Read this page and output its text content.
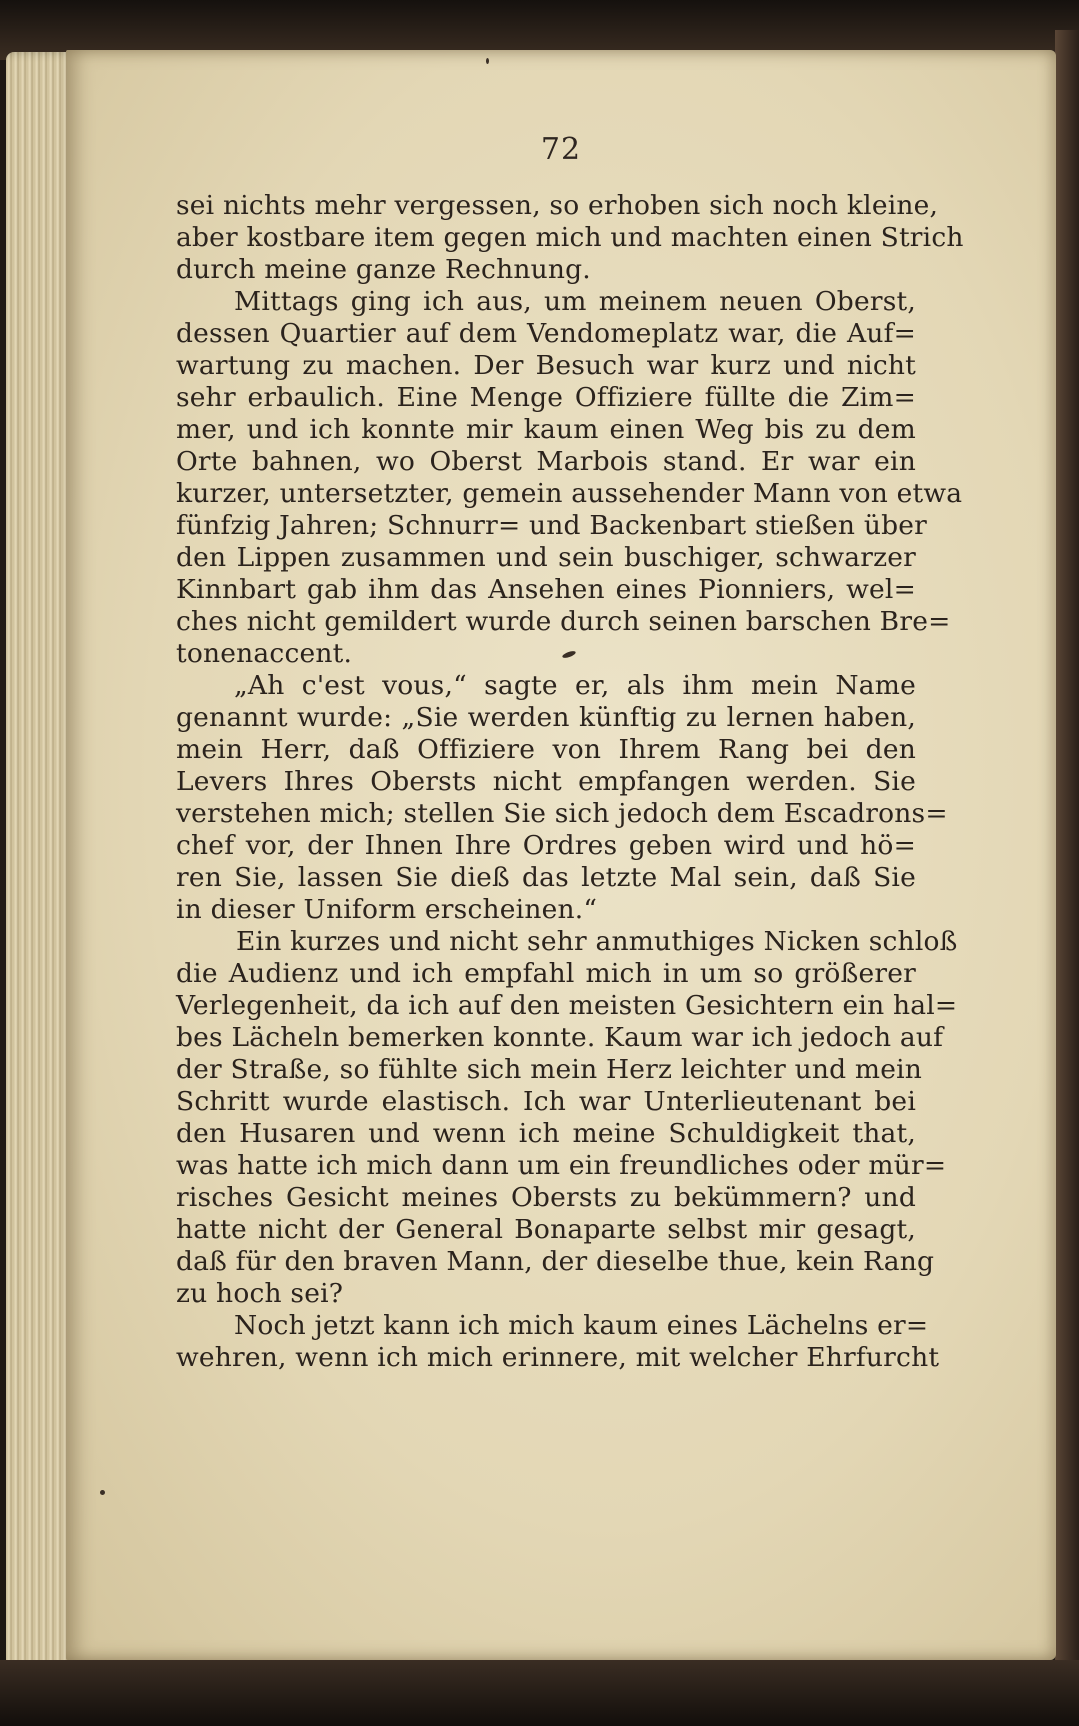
72
sei nichts mehr vergessen, so erhoben sich noch kleine,
aber kostbare item gegen mich und machten einen Strich
durch meine ganze Rechnung.
Mittags ging ich aus, um meinem neuen Oberst,
dessen Quartier auf dem Vendomeplatz war, die Auf=
wartung zu machen. Der Besuch war kurz und nicht
sehr erbaulich. Eine Menge Offiziere füllte die Zim=
mer, und ich konnte mir kaum einen Weg bis zu dem
Orte bahnen, wo Oberst Marbois stand. Er war ein
kurzer, untersetzter, gemein aussehender Mann von etwa
fünfzig Jahren; Schnurr= und Backenbart stießen über
den Lippen zusammen und sein buschiger, schwarzer
Kinnbart gab ihm das Ansehen eines Pionniers, wel=
ches nicht gemildert wurde durch seinen barschen Bre=
tonenaccent.
„Ah c'est vous,“ sagte er, als ihm mein Name
genannt wurde: „Sie werden künftig zu lernen haben,
mein Herr, daß Offiziere von Ihrem Rang bei den
Levers Ihres Obersts nicht empfangen werden. Sie
verstehen mich; stellen Sie sich jedoch dem Escadrons=
chef vor, der Ihnen Ihre Ordres geben wird und hö=
ren Sie, lassen Sie dieß das letzte Mal sein, daß Sie
in dieser Uniform erscheinen.“
Ein kurzes und nicht sehr anmuthiges Nicken schloß
die Audienz und ich empfahl mich in um so größerer
Verlegenheit, da ich auf den meisten Gesichtern ein hal=
bes Lächeln bemerken konnte. Kaum war ich jedoch auf
der Straße, so fühlte sich mein Herz leichter und mein
Schritt wurde elastisch. Ich war Unterlieutenant bei
den Husaren und wenn ich meine Schuldigkeit that,
was hatte ich mich dann um ein freundliches oder mür=
risches Gesicht meines Obersts zu bekümmern? und
hatte nicht der General Bonaparte selbst mir gesagt,
daß für den braven Mann, der dieselbe thue, kein Rang
zu hoch sei?
Noch jetzt kann ich mich kaum eines Lächelns er=
wehren, wenn ich mich erinnere, mit welcher Ehrfurcht
